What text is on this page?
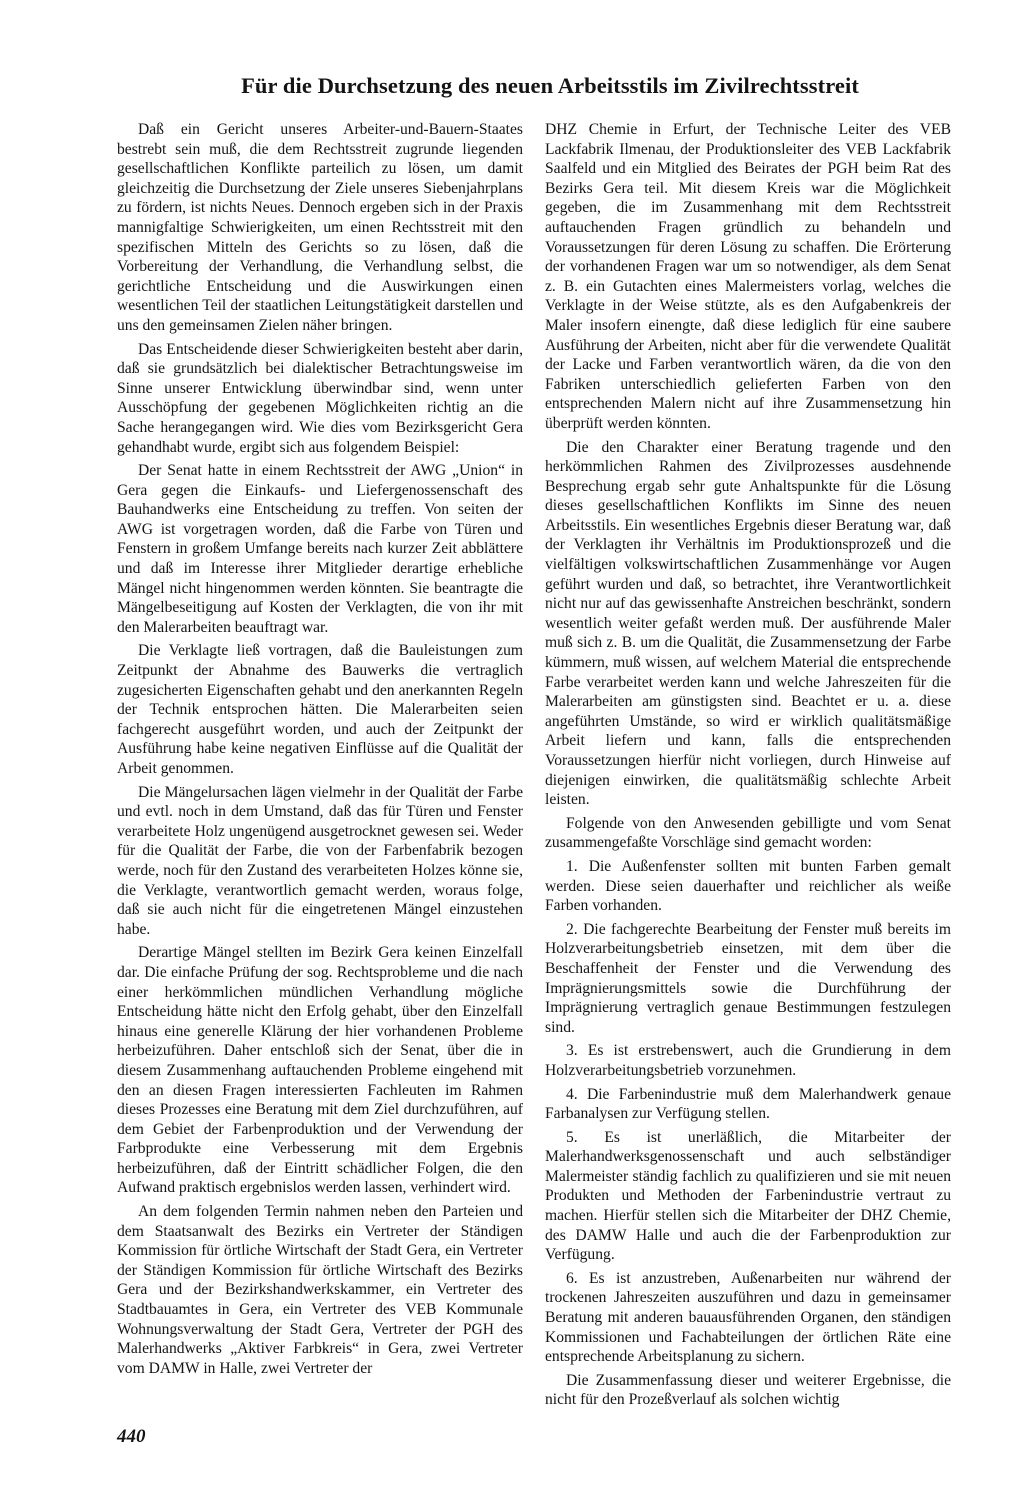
Für die Durchsetzung des neuen Arbeitsstils im Zivilrechtsstreit

Daß ein Gericht unseres Arbeiter-und-Bauern-Staates bestrebt sein muß, die dem Rechtsstreit zugrunde liegenden gesellschaftlichen Konflikte parteilich zu lösen, um damit gleichzeitig die Durchsetzung der Ziele unseres Siebenjahrplans zu fördern, ist nichts Neues. Dennoch ergeben sich in der Praxis mannigfaltige Schwierigkeiten, um einen Rechtsstreit mit den spezifischen Mitteln des Gerichts so zu lösen, daß die Vorbereitung der Verhandlung, die Verhandlung selbst, die gerichtliche Entscheidung und die Auswirkungen einen wesentlichen Teil der staatlichen Leitungstätigkeit darstellen und uns den gemeinsamen Zielen näher bringen.

Das Entscheidende dieser Schwierigkeiten besteht aber darin, daß sie grundsätzlich bei dialektischer Betrachtungsweise im Sinne unserer Entwicklung überwindbar sind, wenn unter Ausschöpfung der gegebenen Möglichkeiten richtig an die Sache herangegangen wird. Wie dies vom Bezirksgericht Gera gehandhabt wurde, ergibt sich aus folgendem Beispiel:

Der Senat hatte in einem Rechtsstreit der AWG „Union“ in Gera gegen die Einkaufs- und Liefergenossenschaft des Bauhandwerks eine Entscheidung zu treffen. Von seiten der AWG ist vorgetragen worden, daß die Farbe von Türen und Fenstern in großem Umfange bereits nach kurzer Zeit abblättere und daß im Interesse ihrer Mitglieder derartige erhebliche Mängel nicht hingenommen werden könnten. Sie beantragte die Mängelbeseitigung auf Kosten der Verklagten, die von ihr mit den Malerarbeiten beauftragt war.

Die Verklagte ließ vortragen, daß die Bauleistungen zum Zeitpunkt der Abnahme des Bauwerks die vertraglich zugesicherten Eigenschaften gehabt und den anerkannten Regeln der Technik entsprochen hätten. Die Malerarbeiten seien fachgerecht ausgeführt worden, und auch der Zeitpunkt der Ausführung habe keine negativen Einflüsse auf die Qualität der Arbeit genommen.

Die Mängelursachen lägen vielmehr in der Qualität der Farbe und evtl. noch in dem Umstand, daß das für Türen und Fenster verarbeitete Holz ungenügend ausgetrocknet gewesen sei. Weder für die Qualität der Farbe, die von der Farbenfabrik bezogen werde, noch für den Zustand des verarbeiteten Holzes könne sie, die Verklagte, verantwortlich gemacht werden, woraus folge, daß sie auch nicht für die eingetretenen Mängel einzustehen habe.

Derartige Mängel stellten im Bezirk Gera keinen Einzelfall dar. Die einfache Prüfung der sog. Rechtsprobleme und die nach einer herkömmlichen mündlichen Verhandlung mögliche Entscheidung hätte nicht den Erfolg gehabt, über den Einzelfall hinaus eine generelle Klärung der hier vorhandenen Probleme herbeizuführen. Daher entschloß sich der Senat, über die in diesem Zusammenhang auftauchenden Probleme eingehend mit den an diesen Fragen interessierten Fachleuten im Rahmen dieses Prozesses eine Beratung mit dem Ziel durchzuführen, auf dem Gebiet der Farbenproduktion und der Verwendung der Farbprodukte eine Verbesserung mit dem Ergebnis herbeizuführen, daß der Eintritt schädlicher Folgen, die den Aufwand praktisch ergebnislos werden lassen, verhindert wird.

An dem folgenden Termin nahmen neben den Parteien und dem Staatsanwalt des Bezirks ein Vertreter der Ständigen Kommission für örtliche Wirtschaft der Stadt Gera, ein Vertreter der Ständigen Kommission für örtliche Wirtschaft des Bezirks Gera und der Bezirkshandwerkskammer, ein Vertreter des Stadtbauamtes in Gera, ein Vertreter des VEB Kommunale Wohnungsverwaltung der Stadt Gera, Vertreter der PGH des Malerhandwerks „Aktiver Farbkreis“ in Gera, zwei Vertreter vom DAMW in Halle, zwei Vertreter der

DHZ Chemie in Erfurt, der Technische Leiter des VEB Lackfabrik Ilmenau, der Produktionsleiter des VEB Lackfabrik Saalfeld und ein Mitglied des Beirates der PGH beim Rat des Bezirks Gera teil. Mit diesem Kreis war die Möglichkeit gegeben, die im Zusammenhang mit dem Rechtsstreit auftauchenden Fragen gründlich zu behandeln und Voraussetzungen für deren Lösung zu schaffen. Die Erörterung der vorhandenen Fragen war um so notwendiger, als dem Senat z. B. ein Gutachten eines Malermeisters vorlag, welches die Verklagte in der Weise stützte, als es den Aufgabenkreis der Maler insofern einengte, daß diese lediglich für eine saubere Ausführung der Arbeiten, nicht aber für die verwendete Qualität der Lacke und Farben verantwortlich wären, da die von den Fabriken unterschiedlich gelieferten Farben von den entsprechenden Malern nicht auf ihre Zusammensetzung hin überprüft werden könnten.

Die den Charakter einer Beratung tragende und den herkömmlichen Rahmen des Zivilprozesses ausdehnende Besprechung ergab sehr gute Anhaltspunkte für die Lösung dieses gesellschaftlichen Konflikts im Sinne des neuen Arbeitsstils. Ein wesentliches Ergebnis dieser Beratung war, daß der Verklagten ihr Verhältnis im Produktionsprozeß und die vielfältigen volkswirtschaftlichen Zusammenhänge vor Augen geführt wurden und daß, so betrachtet, ihre Verantwortlichkeit nicht nur auf das gewissenhafte Anstreichen beschränkt, sondern wesentlich weiter gefaßt werden muß. Der ausführende Maler muß sich z. B. um die Qualität, die Zusammensetzung der Farbe kümmern, muß wissen, auf welchem Material die entsprechende Farbe verarbeitet werden kann und welche Jahreszeiten für die Malerarbeiten am günstigsten sind. Beachtet er u. a. diese angeführten Umstände, so wird er wirklich qualitätsmäßige Arbeit liefern und kann, falls die entsprechenden Voraussetzungen hierfür nicht vorliegen, durch Hinweise auf diejenigen einwirken, die qualitätsmäßig schlechte Arbeit leisten.

Folgende von den Anwesenden gebilligte und vom Senat zusammengefaßte Vorschläge sind gemacht worden:

1. Die Außenfenster sollten mit bunten Farben gemalt werden. Diese seien dauerhafter und reichlicher als weiße Farben vorhanden.

2. Die fachgerechte Bearbeitung der Fenster muß bereits im Holzverarbeitungsbetrieb einsetzen, mit dem über die Beschaffenheit der Fenster und die Verwendung des Imprägnierungsmittels sowie die Durchführung der Imprägnierung vertraglich genaue Bestimmungen festzulegen sind.

3. Es ist erstrebenswert, auch die Grundierung in dem Holzverarbeitungsbetrieb vorzunehmen.

4. Die Farbenindustrie muß dem Malerhandwerk genaue Farbanalysen zur Verfügung stellen.

5. Es ist unerläßlich, die Mitarbeiter der Malerhandwerksgenossenschaft und auch selbständiger Malermeister ständig fachlich zu qualifizieren und sie mit neuen Produkten und Methoden der Farbenindustrie vertraut zu machen. Hierfür stellen sich die Mitarbeiter der DHZ Chemie, des DAMW Halle und auch die der Farbenproduktion zur Verfügung.

6. Es ist anzustreben, Außenarbeiten nur während der trockenen Jahreszeiten auszuführen und dazu in gemeinsamer Beratung mit anderen bauausführenden Organen, den ständigen Kommissionen und Fachabteilungen der örtlichen Räte eine entsprechende Arbeitsplanung zu sichern.

Die Zusammenfassung dieser und weiterer Ergebnisse, die nicht für den Prozeßverlauf als solchen wichtig

440
